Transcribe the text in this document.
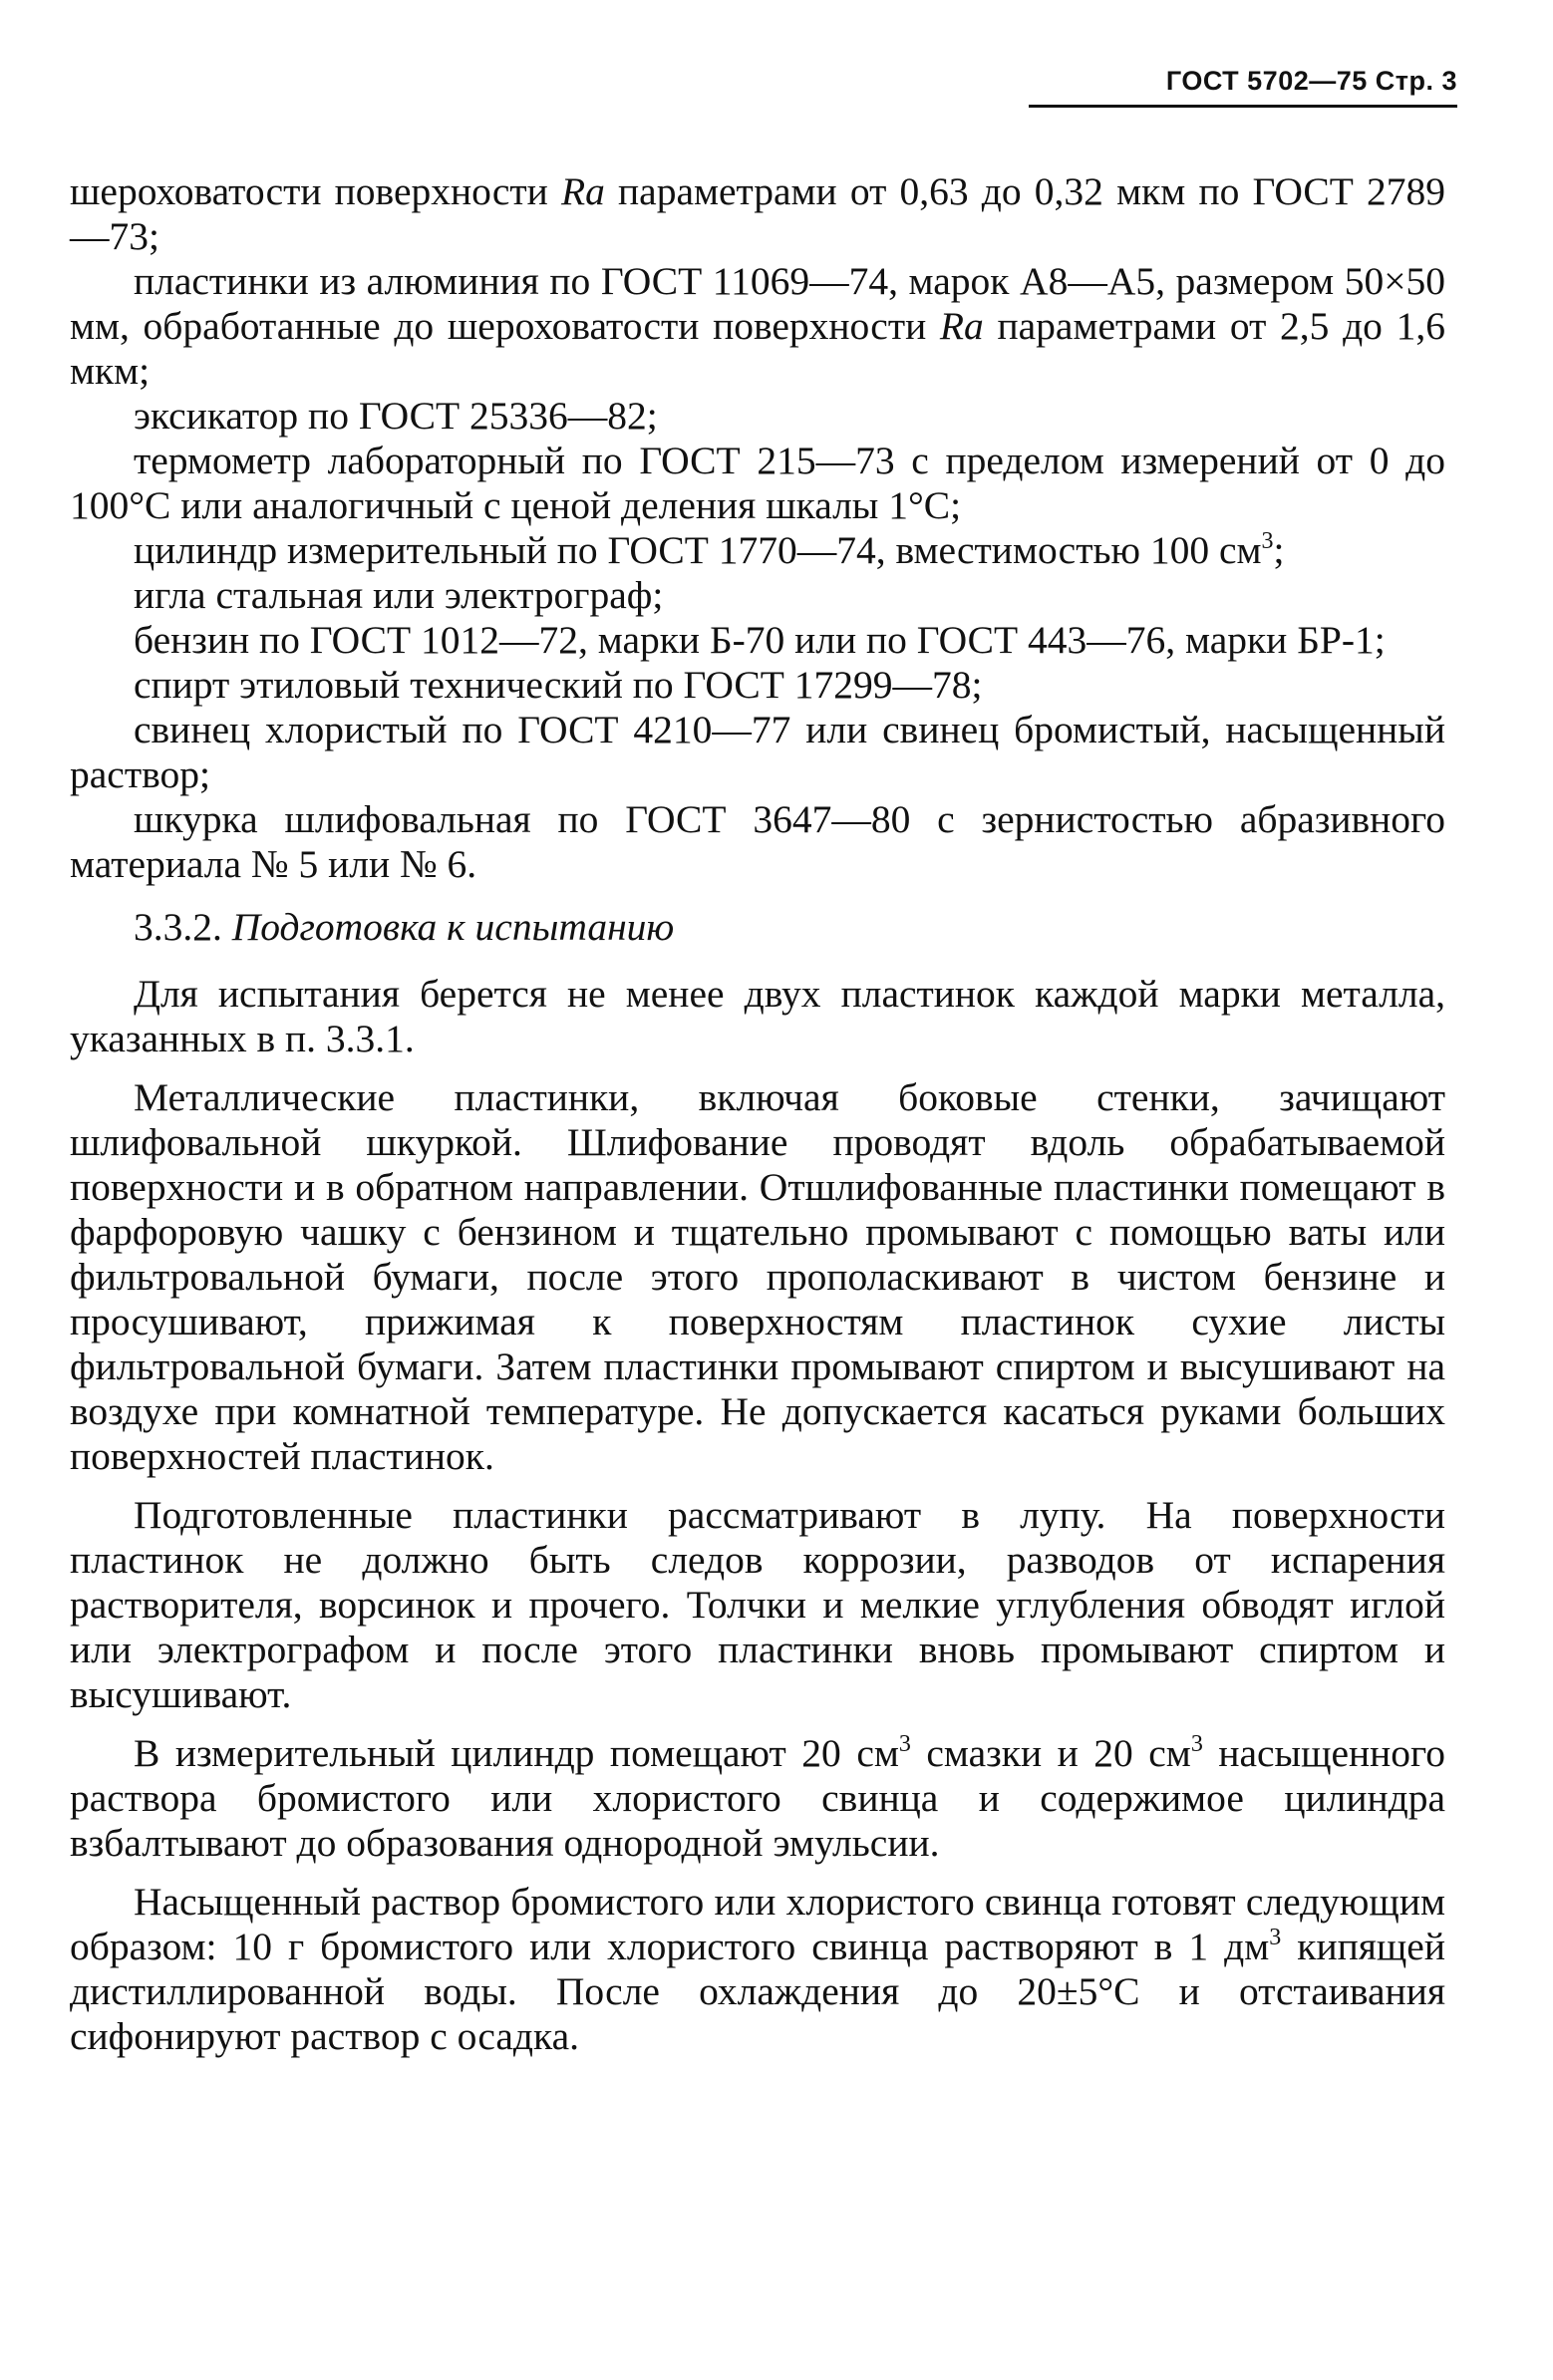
ГОСТ 5702—75 Стр. 3

шероховатости поверхности Ra параметрами от 0,63 до 0,32 мкм по ГОСТ 2789—73;

пластинки из алюминия по ГОСТ 11069—74, марок А8—А5, размером 50×50 мм, обработанные до шероховатости поверхности Ra параметрами от 2,5 до 1,6 мкм;

эксикатор по ГОСТ 25336—82;

термометр лабораторный по ГОСТ 215—73 с пределом измерений от 0 до 100°С или аналогичный с ценой деления шкалы 1°С;

цилиндр измерительный по ГОСТ 1770—74, вместимостью 100 $см^3$;

игла стальная или электрограф;

бензин по ГОСТ 1012—72, марки Б-70 или по ГОСТ 443—76, марки БР-1;

спирт этиловый технический по ГОСТ 17299—78;

свинец хлористый по ГОСТ 4210—77 или свинец бромистый, насыщенный раствор;

шкурка шлифовальная по ГОСТ 3647—80 с зернистостью абразивного материала № 5 или № 6.

3.3.2. Подготовка к испытанию

Для испытания берется не менее двух пластинок каждой марки металла, указанных в п. 3.3.1.

Металлические пластинки, включая боковые стенки, зачищают шлифовальной шкуркой. Шлифование проводят вдоль обрабатываемой поверхности и в обратном направлении. Отшлифованные пластинки помещают в фарфоровую чашку с бензином и тщательно промывают с помощью ваты или фильтровальной бумаги, после этого прополаскивают в чистом бензине и просушивают, прижимая к поверхностям пластинок сухие листы фильтровальной бумаги. Затем пластинки промывают спиртом и высушивают на воздухе при комнатной температуре. Не допускается касаться руками больших поверхностей пластинок.

Подготовленные пластинки рассматривают в лупу. На поверхности пластинок не должно быть следов коррозии, разводов от испарения растворителя, ворсинок и прочего. Толчки и мелкие углубления обводят иглой или электрографом и после этого пластинки вновь промывают спиртом и высушивают.

В измерительный цилиндр помещают 20 $см^3$ смазки и 20 $см^3$ насыщенного раствора бромистого или хлористого свинца и содержимое цилиндра взбалтывают до образования однородной эмульсии.

Насыщенный раствор бромистого или хлористого свинца готовят следующим образом: 10 г бромистого или хлористого свинца растворяют в 1 $дм^3$ кипящей дистиллированной воды. После охлаждения до 20±5°С и отстаивания сифонируют раствор с осадка.
